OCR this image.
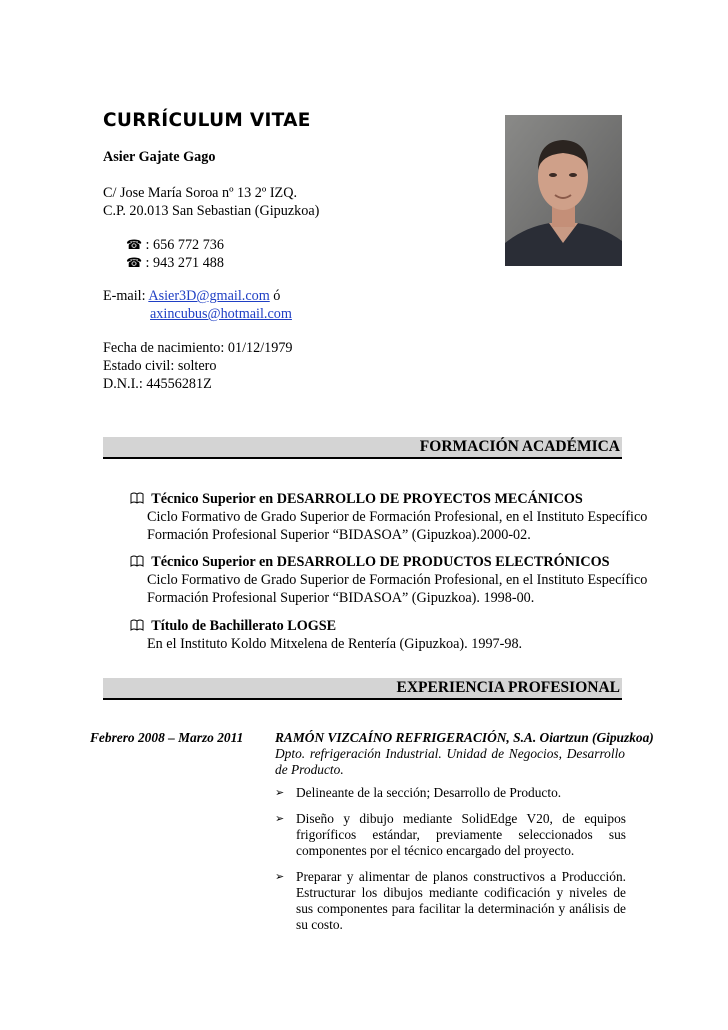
CURRÍCULUM VITAE
Asier Gajate Gago
C/ Jose María Soroa nº 13 2º IZQ.
C.P. 20.013 San Sebastian (Gipuzkoa)
☎ : 656 772 736
☎ : 943 271 488
E-mail: Asier3D@gmail.com ó
axincubus@hotmail.com
Fecha de nacimiento: 01/12/1979
Estado civil: soltero
D.N.I.: 44556281Z
FORMACIÓN ACADÉMICA
Técnico Superior en DESARROLLO DE PROYECTOS MECÁNICOS
Ciclo Formativo de Grado Superior de Formación Profesional, en el Instituto Específico
Formación Profesional Superior “BIDASOA” (Gipuzkoa).2000-02.
Técnico Superior en DESARROLLO DE PRODUCTOS ELECTRÓNICOS
Ciclo Formativo de Grado Superior de Formación Profesional, en el Instituto Específico
Formación Profesional Superior “BIDASOA” (Gipuzkoa). 1998-00.
Título de Bachillerato LOGSE
En el Instituto Koldo Mitxelena de Rentería (Gipuzkoa). 1997-98.
EXPERIENCIA PROFESIONAL
Febrero 2008 – Marzo 2011 RAMÓN VIZCAÍNO REFRIGERACIÓN, S.A. Oiartzun (Gipuzkoa)
Dpto. refrigeración Industrial. Unidad de Negocios, Desarrollo de Producto.
➢ Delineante de la sección; Desarrollo de Producto.
➢ Diseño y dibujo mediante SolidEdge V20, de equipos frigoríficos estándar, previamente seleccionados sus componentes por el técnico encargado del proyecto.
➢ Preparar y alimentar de planos constructivos a Producción. Estructurar los dibujos mediante codificación y niveles de sus componentes para facilitar la determinación y análisis de su costo.
